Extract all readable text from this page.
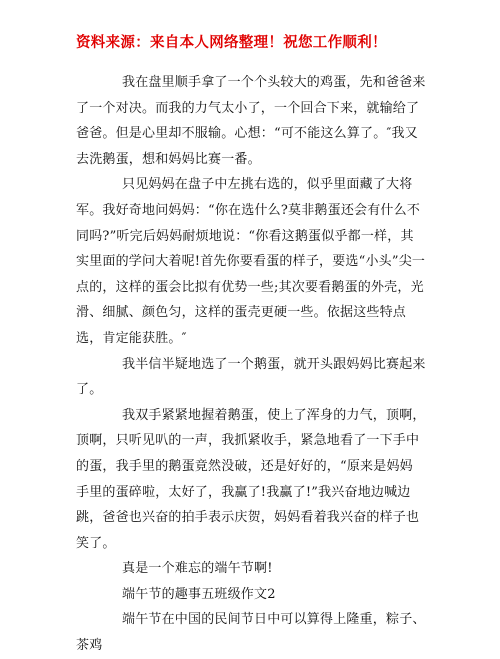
资料来源：来自本人网络整理！祝您工作顺利！

我在盘里顺手拿了一个个头较大的鸡蛋，先和爸爸来了一个对决。而我的力气太小了，一个回合下来，就输给了爸爸。但是心里却不服输。心想：“可不能这么算了。″我又去洗鹅蛋，想和妈妈比赛一番。

只见妈妈在盘子中左挑右选的，似乎里面藏了大将军。我好奇地问妈妈：“你在选什么?莫非鹅蛋还会有什么不同吗?”听完后妈妈耐烦地说：“你看这鹅蛋似乎都一样，其实里面的学问大着呢!首先你要看蛋的样子，要选“小头”尖一点的，这样的蛋会比拟有优势一些;其次要看鹅蛋的外壳，光滑、细腻、颜色匀，这样的蛋壳更硬一些。依据这些特点选，肯定能获胜。″

我半信半疑地选了一个鹅蛋，就开头跟妈妈比赛起来了。

我双手紧紧地握着鹅蛋，使上了浑身的力气，顶啊，顶啊，只听见叭的一声，我抓紧收手，紧急地看了一下手中的蛋，我手里的鹅蛋竟然没破，还是好好的，“原来是妈妈手里的蛋碎啦，太好了，我赢了!我赢了!”我兴奋地边喊边跳，爸爸也兴奋的拍手表示庆贺，妈妈看着我兴奋的样子也笑了。

真是一个难忘的端午节啊!

端午节的趣事五班级作文2

端午节在中国的民间节日中可以算得上隆重，粽子、茶鸡
